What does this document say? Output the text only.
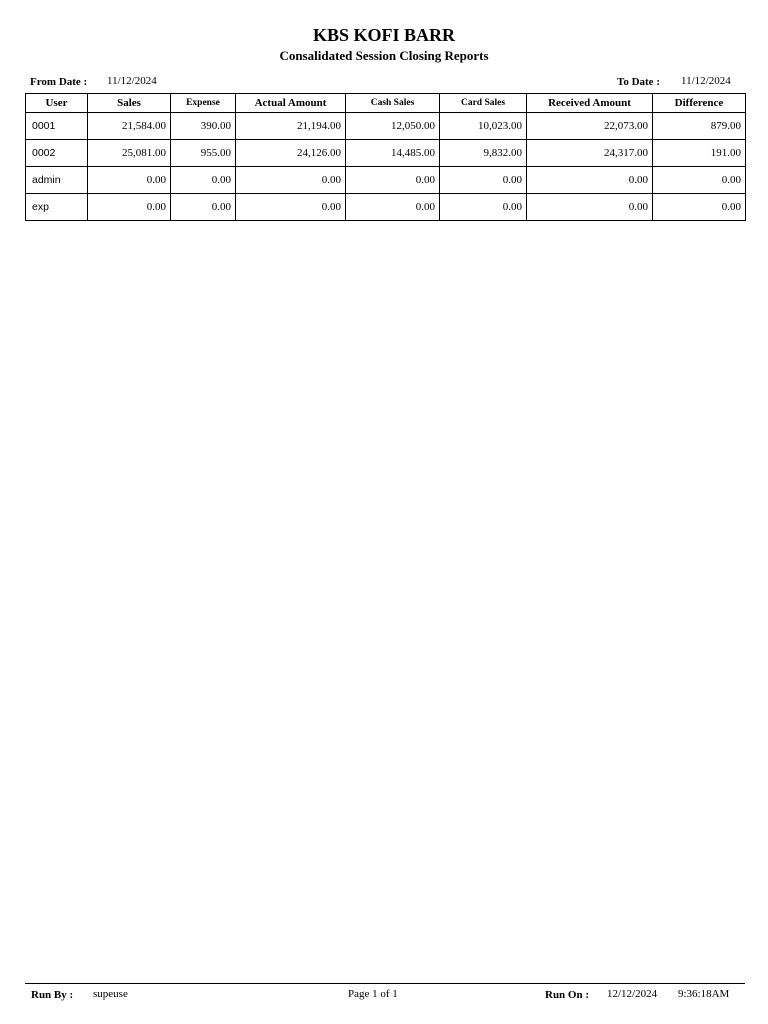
KBS KOFI BARR
Consalidated Session Closing Reports
From Date : 11/12/2024	To Date : 11/12/2024
User	Sales	Expense	Actual Amount	Cash Sales	Card Sales	Received Amount	Difference
0001	21,584.00	390.00	21,194.00	12,050.00	10,023.00	22,073.00	879.00
0002	25,081.00	955.00	24,126.00	14,485.00	9,832.00	24,317.00	191.00
admin	0.00	0.00	0.00	0.00	0.00	0.00	0.00
exp	0.00	0.00	0.00	0.00	0.00	0.00	0.00
Run By : supeuse	Page 1 of 1	Run On : 12/12/2024 9:36:18AM
